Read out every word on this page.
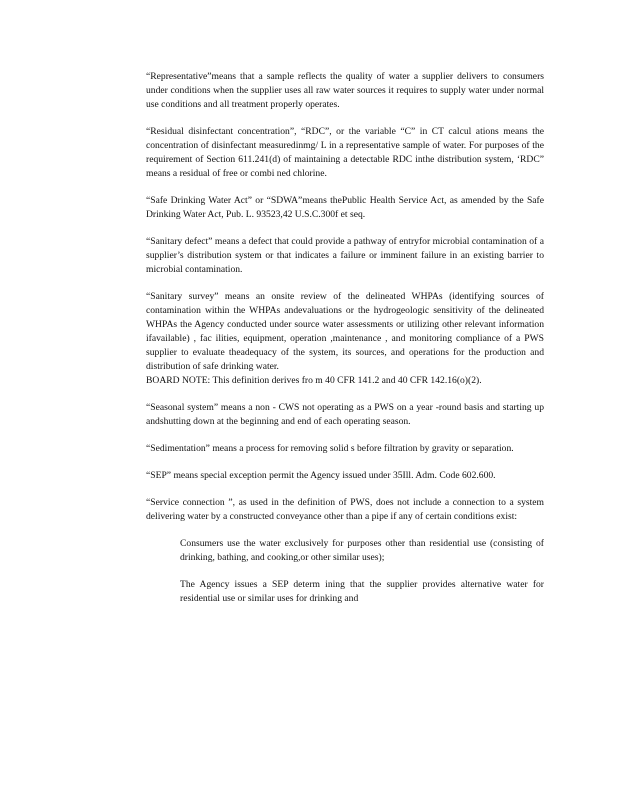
“Representative”means that a sample reflects the quality of water a supplier delivers to consumers under conditions when the supplier uses all raw water sources it requires to supply water under normal use conditions and all treatment properly operates.

“Residual disinfectant concentration”, “RDC”, or the variable “C” in CT calcul ations means the concentration of disinfectant measuredinmg/ L in a representative sample of water. For purposes of the requirement of Section 611.241(d) of maintaining a detectable RDC inthe distribution system, ‘RDC” means a residual of free or combi ned chlorine.

“Safe Drinking Water Act” or “SDWA”means thePublic Health Service Act, as amended by the Safe Drinking Water Act, Pub. L. 93523,42 U.S.C.300f et seq.

“Sanitary defect” means a defect that could provide a pathway of entryfor microbial contamination of a supplier’s distribution system or that indicates a failure or imminent failure in an existing barrier to microbial contamination.

“Sanitary survey” means an onsite review of the delineated WHPAs (identifying sources of contamination within the WHPAs andevaluations or the hydrogeologic sensitivity of the delineated WHPAs the Agency conducted under source water assessments or utilizing other relevant information ifavailable) , fac ilities, equipment, operation ,maintenance , and monitoring compliance of a PWS supplier to evaluate theadequacy of the system, its sources, and operations for the production and distribution of safe drinking water.
BOARD NOTE: This definition derives fro m 40 CFR 141.2 and 40 CFR 142.16(o)(2).

“Seasonal system” means a non - CWS not operating as a PWS on a year -round basis and starting up andshutting down at the beginning and end of each operating season.

“Sedimentation” means a process for removing solid s before filtration by gravity or separation.

“SEP” means special exception permit the Agency issued under 35Ill. Adm. Code 602.600.

“Service connection ”, as used in the definition of PWS, does not include a connection to a system delivering water by a constructed conveyance other than a pipe if any of certain conditions exist:

Consumers use the water exclusively for purposes other than residential use (consisting of drinking, bathing, and cooking,or other similar uses);

The Agency issues a SEP determ ining that the supplier provides alternative water for residential use or similar uses for drinking and
